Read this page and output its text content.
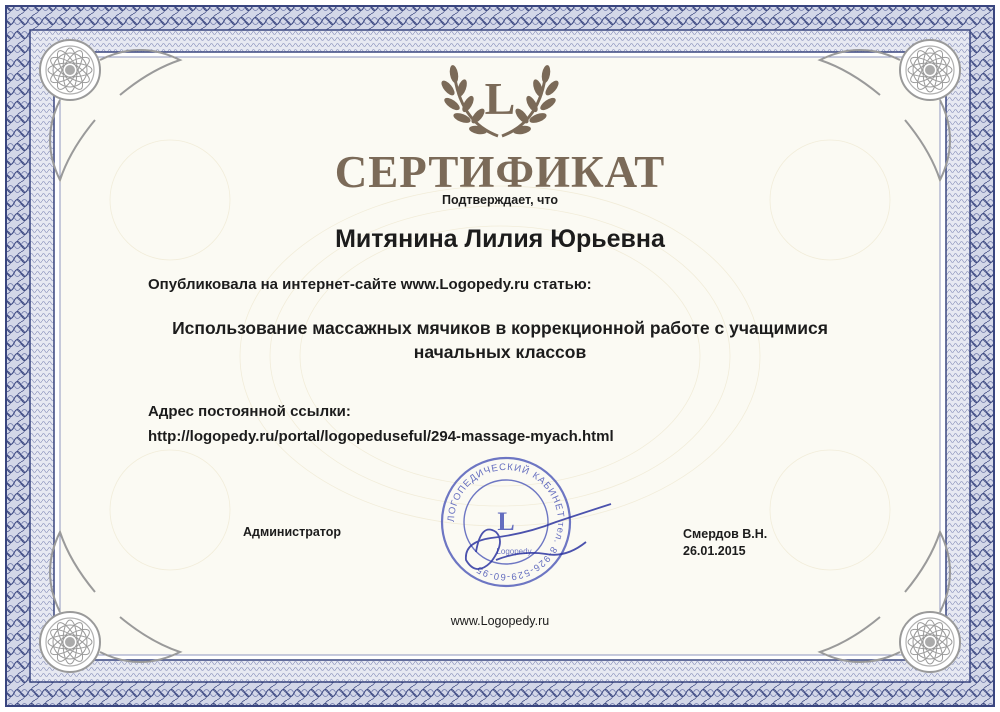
L
СЕРТИФИКАТ
Подтверждает, что
Митянина Лилия Юрьевна
Опубликовала на интернет-сайте www.Logopedy.ru статью:
Использование массажных мячиков в коррекционной работе с учащимися
начальных классов
Адрес постоянной ссылки:
http://logopedy.ru/portal/logopeduseful/294-massage-myach.html
Администратор	Смердов В.Н.
26.01.2015
ЛОГОПЕДИЧЕСКИЙ КАБИНЕТ тел. 8-926-529-60-95
L
Logopedy
www.Logopedy.ru
